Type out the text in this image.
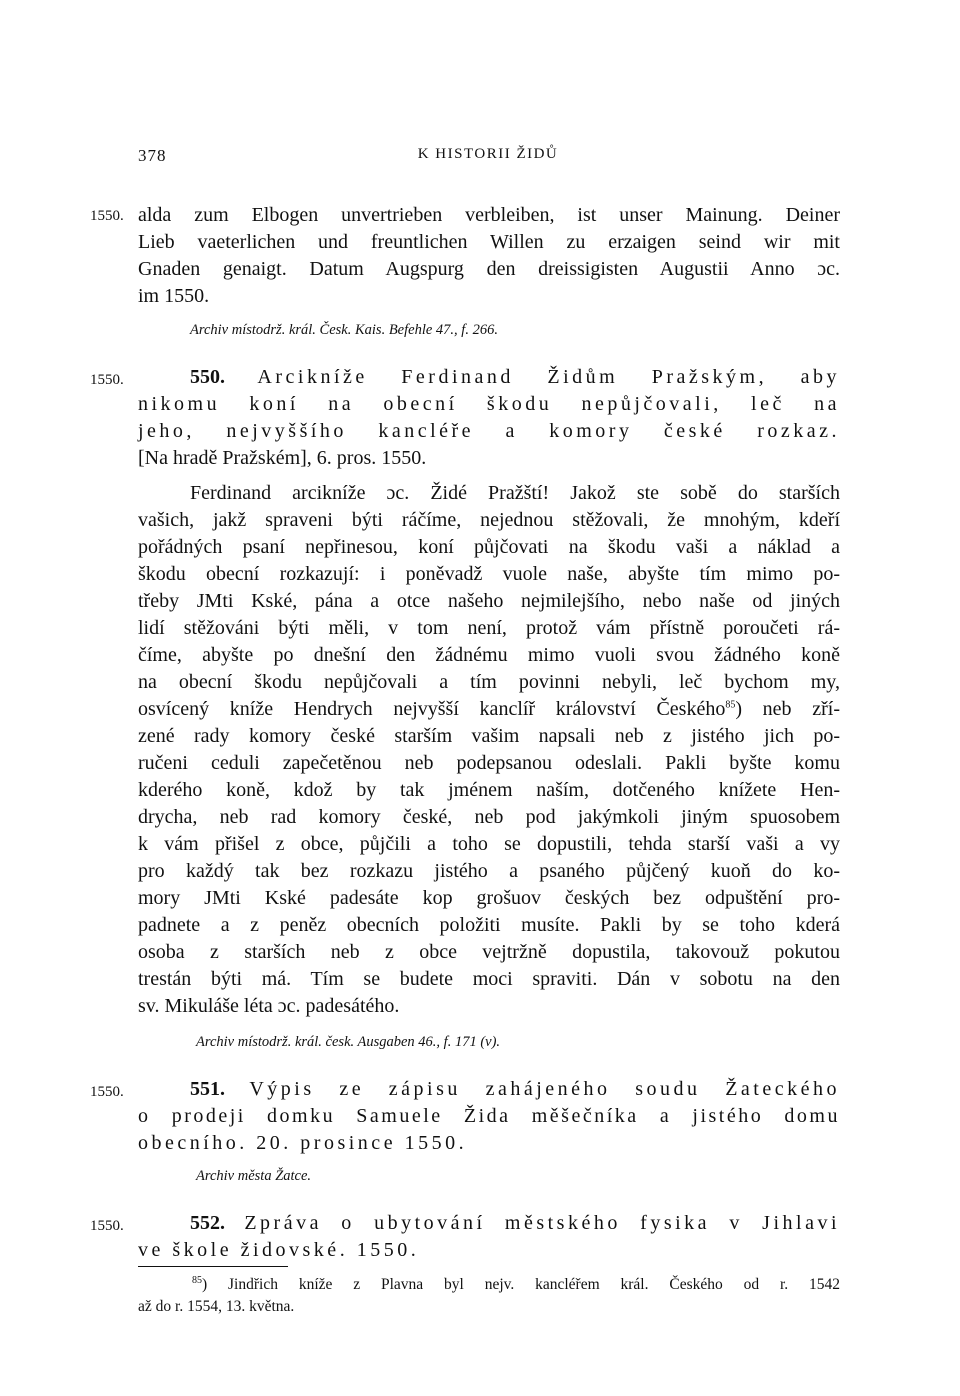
378	K HISTORII ŽIDŮ
1550. alda zum Elbogen unvertrieben verbleiben, ist unser Mainung. Deiner
Lieb vaeterlichen und freuntlichen Willen zu erzaigen seind wir mit
Gnaden genaigt. Datum Augspurg den dreissigisten Augustii Anno ɔc.
im 1550.
Archiv místodrž. král. Česk. Kais. Befehle 47., f. 266.
1550.	550. Arcikníže Ferdinand Židům Pražským, aby
nikomu koní na obecní škodu nepůjčovali, leč na
jeho, nejvyššího kancléře a komory české rozkaz.
[Na hradě Pražském], 6. pros. 1550.
Ferdinand arcikníže ɔc. Židé Pražští! Jakož ste sobě do starších
vašich, jakž spraveni býti ráčíme, nejednou stěžovali, že mnohým, kdeří
pořádných psaní nepřinesou, koní půjčovati na škodu vaši a náklad a
škodu obecní rozkazují: i poněvadž vuole naše, abyšte tím mimo po-
třeby JMti Kské, pána a otce našeho nejmilejšího, nebo naše od jiných
lidí stěžováni býti měli, v tom není, protož vám přístně poroučeti rá-
číme, abyšte po dnešní den žádnému mimo vuoli svou žádného koně
na obecní škodu nepůjčovali a tím povinni nebyli, leč bychom my,
osvícený kníže Hendrych nejvyšší kanclíř království Českého$^{85}$) neb zří-
zené rady komory české starším vašim napsali neb z jistého jich po-
ručeni ceduli zapečetěnou neb podepsanou odeslali. Pakli byšte komu
kderého koně, kdož by tak jménem naším, dotčeného knížete Hen-
drycha, neb rad komory české, neb pod jakýmkoli jiným spuosobem
k vám přišel z obce, půjčili a toho se dopustili, tehda starší vaši a vy
pro každý tak bez rozkazu jistého a psaného půjčený kuoň do ko-
mory JMti Kské padesáte kop grošuov českých bez odpuštění pro-
padnete a z peněz obecních položiti musíte. Pakli by se toho kderá
osoba z starších neb z obce vejtržně dopustila, takovouž pokutou
trestán býti má. Tím se budete moci spraviti. Dán v sobotu na den
sv. Mikuláše léta ɔc. padesátého.
Archiv místodrž. král. česk. Ausgaben 46., f. 171 (v).
1550.	551. Výpis ze zápisu zahájeného soudu Žateckého
o prodeji domku Samuele Žida měšečníka a jistého domu
obecního. 20. prosince 1550.
Archiv města Žatce.
1550.	552. Zpráva o ubytování městského fysika v Jihlavi
ve škole židovské. 1550.
$^{85}$) Jindřich kníže z Plavna byl nejv. kancléřem král. Českého od r. 1542
až do r. 1554, 13. května.
